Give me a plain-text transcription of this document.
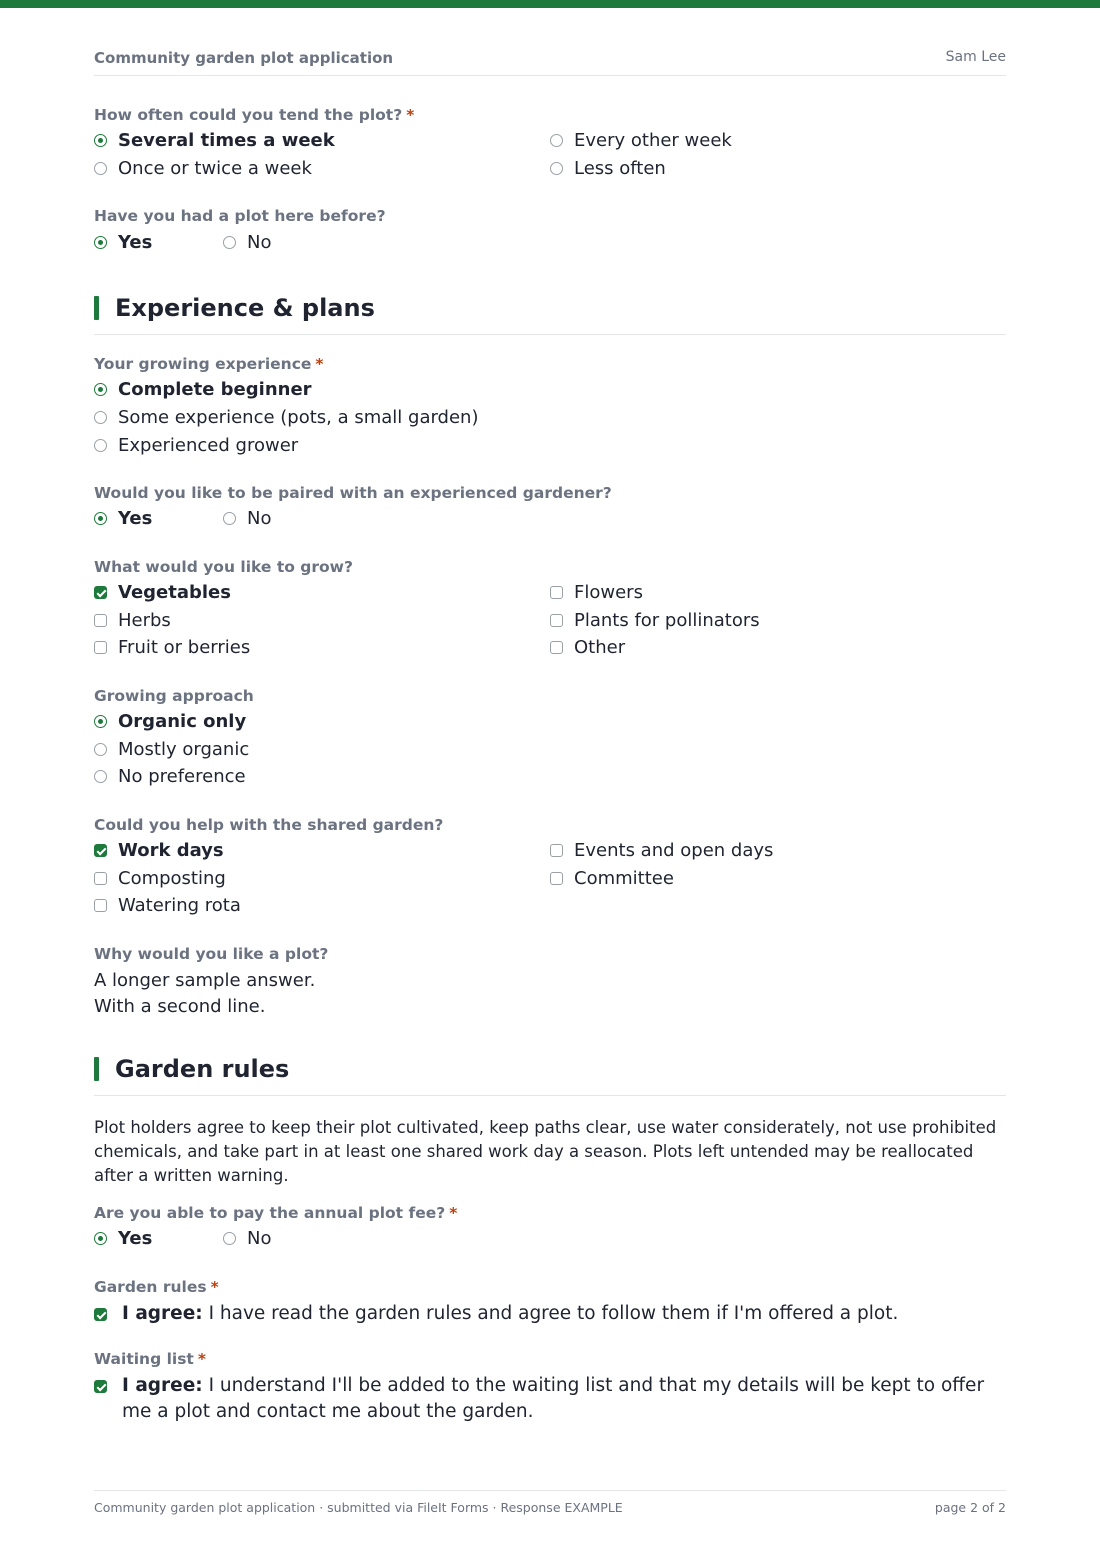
Community garden plot application	Sam Lee
How often could you tend the plot? *
Several times a week
Once or twice a week
Every other week
Less often
Have you had a plot here before?
Yes	No
Experience & plans
Your growing experience *
Complete beginner
Some experience (pots, a small garden)
Experienced grower
Would you like to be paired with an experienced gardener?
Yes	No
What would you like to grow?
Vegetables
Herbs
Fruit or berries
Flowers
Plants for pollinators
Other
Growing approach
Organic only
Mostly organic
No preference
Could you help with the shared garden?
Work days
Composting
Watering rota
Events and open days
Committee
Why would you like a plot?
A longer sample answer.
With a second line.
Garden rules
Plot holders agree to keep their plot cultivated, keep paths clear, use water considerately, not use prohibited chemicals, and take part in at least one shared work day a season. Plots left untended may be reallocated after a written warning.
Are you able to pay the annual plot fee? *
Yes	No
Garden rules *
I agree: I have read the garden rules and agree to follow them if I'm offered a plot.
Waiting list *
I agree: I understand I'll be added to the waiting list and that my details will be kept to offer me a plot and contact me about the garden.
Community garden plot application · submitted via FileIt Forms · Response EXAMPLE	page 2 of 2
